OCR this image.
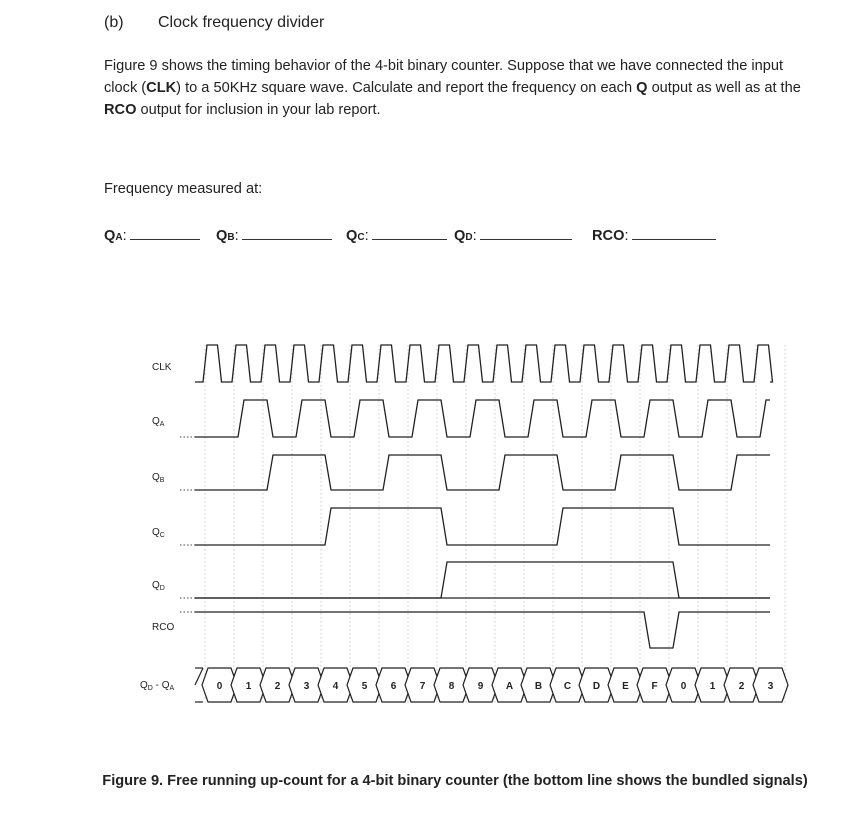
(b) Clock frequency divider
Figure 9 shows the timing behavior of the 4-bit binary counter. Suppose that we have connected the input clock (CLK) to a 50KHz square wave. Calculate and report the frequency on each Q output as well as at the RCO output for inclusion in your lab report.
Frequency measured at:
QA:	QB:	QC:	QD:	RCO:
CLK
$Q_A$
$Q_B$
$Q_C$
$Q_D$
RCO
$Q_D - Q_A$	0 1 2 3 4 5 6 7 8 9 A B C D E F 0 1 2 3
Figure 9. Free running up-count for a 4-bit binary counter (the bottom line shows the bundled signals)
